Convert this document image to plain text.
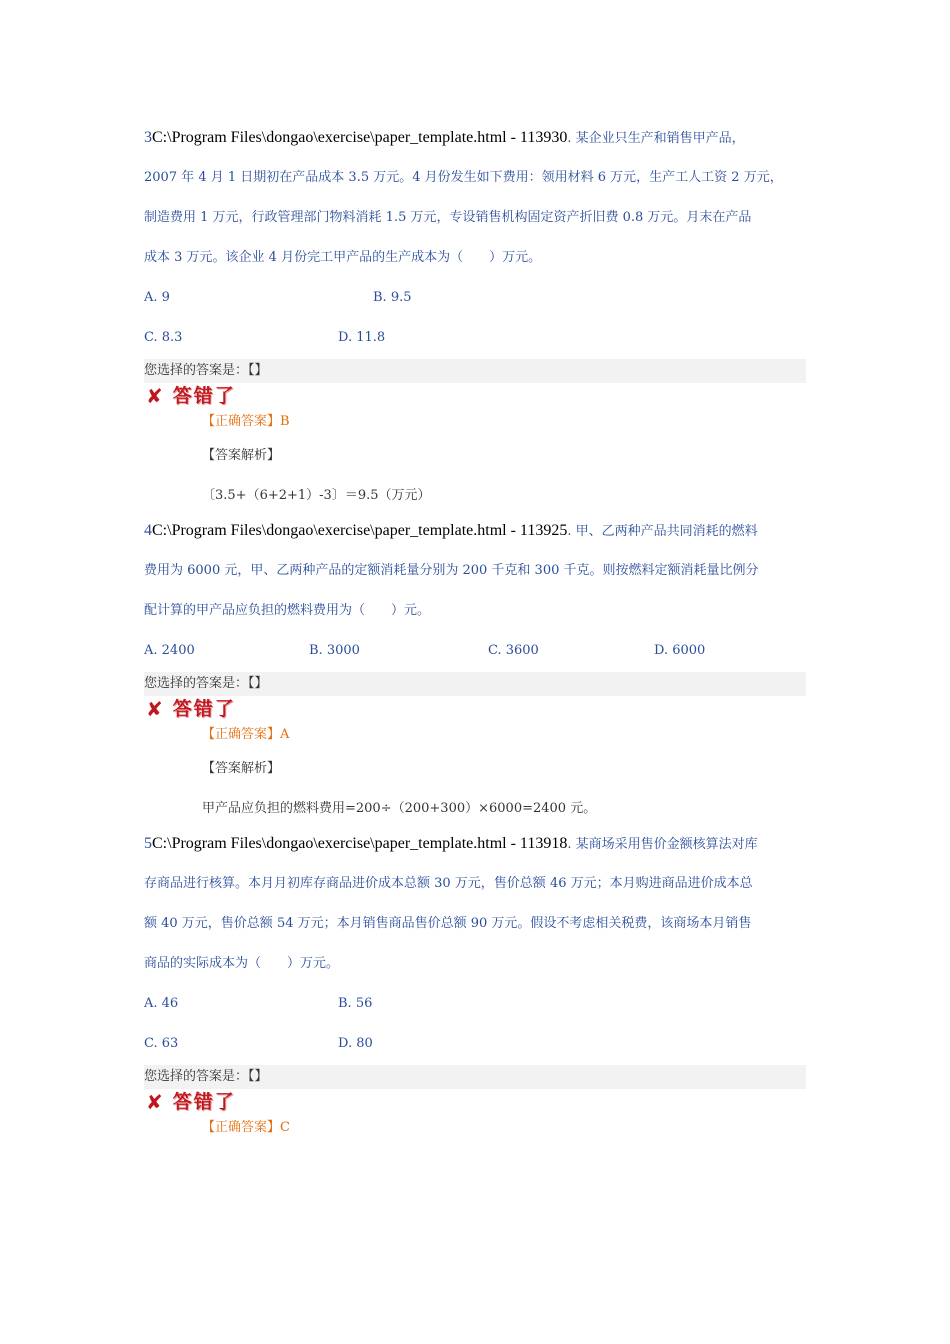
3C:\Program Files\dongao\exercise\paper_template.html - 113930. 某企业只生产和销售甲产品，
2007 年 4 月 1 日期初在产品成本 3.5 万元。4 月份发生如下费用：领用材料 6 万元，生产工人工资 2 万元，
制造费用 1 万元，行政管理部门物料消耗 1.5 万元，专设销售机构固定资产折旧费 0.8 万元。月末在产品
成本 3 万元。该企业 4 月份完工甲产品的生产成本为（　　）万元。
A. 9	B. 9.5
C. 8.3	D. 11.8
您选择的答案是：【】
✘ 答错了
【正确答案】B
【答案解析】
〔3.5+（6+2+1）-3〕＝9.5（万元）
4C:\Program Files\dongao\exercise\paper_template.html - 113925. 甲、乙两种产品共同消耗的燃料
费用为 6000 元，甲、乙两种产品的定额消耗量分别为 200 千克和 300 千克。则按燃料定额消耗量比例分
配计算的甲产品应负担的燃料费用为（　　）元。
A. 2400	B. 3000	C. 3600	D. 6000
您选择的答案是：【】
✘ 答错了
【正确答案】A
【答案解析】
甲产品应负担的燃料费用=200÷（200+300）×6000=2400 元。
5C:\Program Files\dongao\exercise\paper_template.html - 113918. 某商场采用售价金额核算法对库
存商品进行核算。本月月初库存商品进价成本总额 30 万元，售价总额 46 万元；本月购进商品进价成本总
额 40 万元，售价总额 54 万元；本月销售商品售价总额 90 万元。假设不考虑相关税费，该商场本月销售
商品的实际成本为（　　）万元。
A. 46	B. 56
C. 63	D. 80
您选择的答案是：【】
✘ 答错了
【正确答案】C
